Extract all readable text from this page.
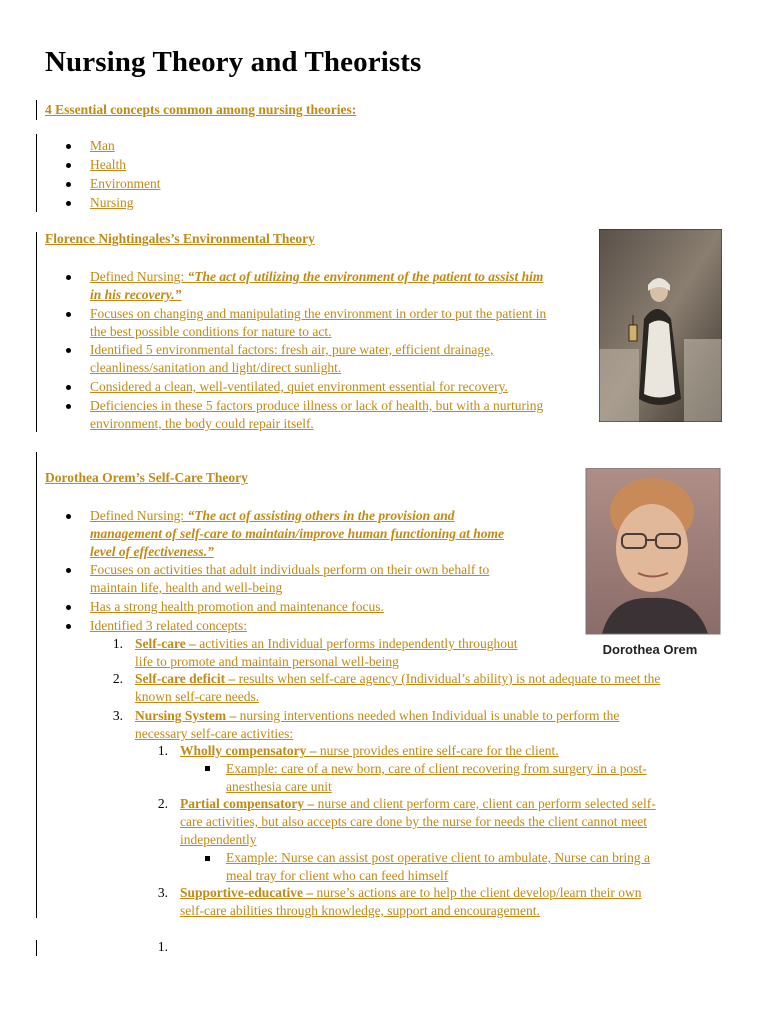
Nursing Theory and Theorists
4 Essential concepts common among nursing theories:
Man
Health
Environment
Nursing
Florence Nightingales’s Environmental Theory
Defined Nursing: “The act of utilizing the environment of the patient to assist him
in his recovery.”
Focuses on changing and manipulating the environment in order to put the patient in
the best possible conditions for nature to act.
Identified 5 environmental factors: fresh air, pure water, efficient drainage,
cleanliness/sanitation and light/direct sunlight.
Considered a clean, well-ventilated, quiet environment essential for recovery.
Deficiencies in these 5 factors produce illness or lack of health, but with a nurturing
environment, the body could repair itself.
Dorothea Orem’s Self-Care Theory
Dorothea Orem
Defined Nursing: “The act of assisting others in the provision and
management of self-care to maintain/improve human functioning at home
level of effectiveness.”
Focuses on activities that adult individuals perform on their own behalf to
maintain life, health and well-being
Has a strong health promotion and maintenance focus.
Identified 3 related concepts:
1. Self-care – activities an Individual performs independently throughout
life to promote and maintain personal well-being
2. Self-care deficit – results when self-care agency (Individual’s ability) is not adequate to meet the
known self-care needs.
3. Nursing System – nursing interventions needed when Individual is unable to perform the
necessary self-care activities:
1. Wholly compensatory – nurse provides entire self-care for the client.
Example: care of a new born, care of client recovering from surgery in a post-
anesthesia care unit
2. Partial compensatory – nurse and client perform care, client can perform selected self-
care activities, but also accepts care done by the nurse for needs the client cannot meet
independently
Example: Nurse can assist post operative client to ambulate, Nurse can bring a
meal tray for client who can feed himself
3. Supportive-educative – nurse’s actions are to help the client develop/learn their own
self-care abilities through knowledge, support and encouragement.
1.
